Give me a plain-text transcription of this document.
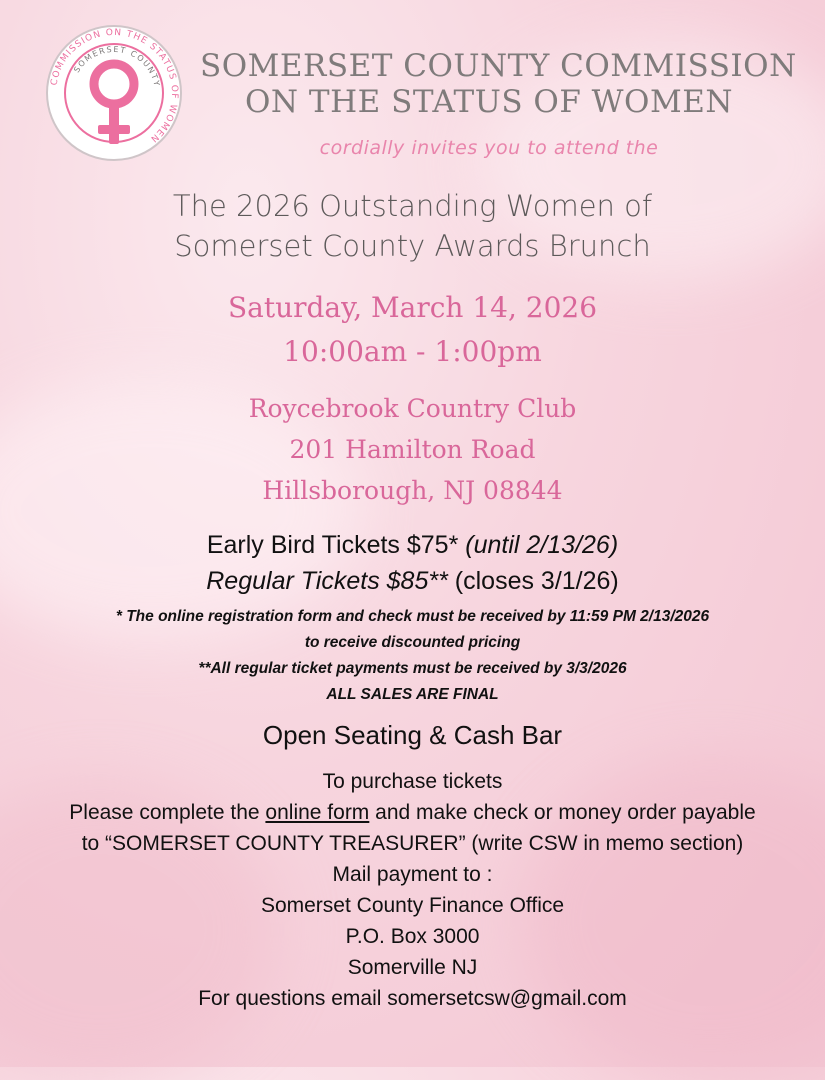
COMMISSION ON THE STATUS OF WOMEN
SOMERSET COUNTY SOMERSET COUNTY COMMISSION
ON THE STATUS OF WOMEN
cordially invites you to attend the
The 2026 Outstanding Women of
Somerset County Awards Brunch
Saturday, March 14, 2026
10:00am - 1:00pm
Roycebrook Country Club
201 Hamilton Road
Hillsborough, NJ 08844
Early Bird Tickets $75* (until 2/13/26)
Regular Tickets $85** (closes 3/1/26)
* The online registration form and check must be received by 11:59 PM 2/13/2026
to receive discounted pricing
**All regular ticket payments must be received by 3/3/2026
ALL SALES ARE FINAL
Open Seating & Cash Bar
To purchase tickets
Please complete the online form and make check or money order payable to “SOMERSET COUNTY TREASURER” (write CSW in memo section)
Mail payment to :
Somerset County Finance Office
P.O. Box 3000
Somerville NJ
For questions email somersetcsw@gmail.com
